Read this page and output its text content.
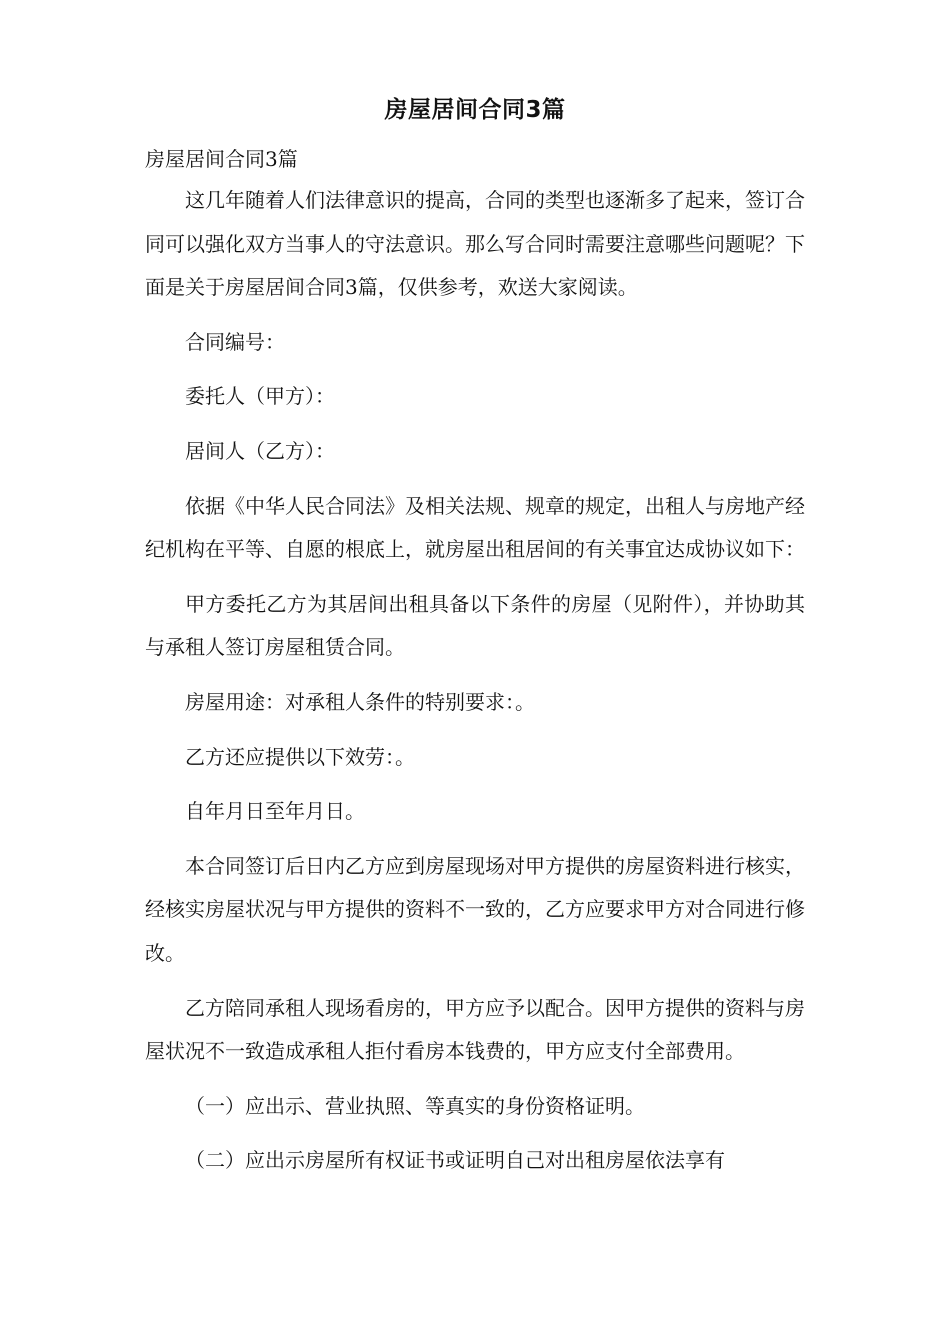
房屋居间合同3篇

房屋居间合同3篇

这几年随着人们法律意识的提高，合同的类型也逐渐多了起来，签订合同可以强化双方当事人的守法意识。那么写合同时需要注意哪些问题呢？下面是关于房屋居间合同3篇，仅供参考，欢送大家阅读。

合同编号：

委托人（甲方）：

居间人（乙方）：

依据《中华人民合同法》及相关法规、规章的规定，出租人与房地产经纪机构在平等、自愿的根底上，就房屋出租居间的有关事宜达成协议如下：

甲方委托乙方为其居间出租具备以下条件的房屋（见附件），并协助其与承租人签订房屋租赁合同。

房屋用途：对承租人条件的特别要求：。

乙方还应提供以下效劳：。

自年月日至年月日。

本合同签订后日内乙方应到房屋现场对甲方提供的房屋资料进行核实，经核实房屋状况与甲方提供的资料不一致的，乙方应要求甲方对合同进行修改。

乙方陪同承租人现场看房的，甲方应予以配合。因甲方提供的资料与房屋状况不一致造成承租人拒付看房本钱费的，甲方应支付全部费用。

（一）应出示、营业执照、等真实的身份资格证明。

（二）应出示房屋所有权证书或证明自己对出租房屋依法享有
